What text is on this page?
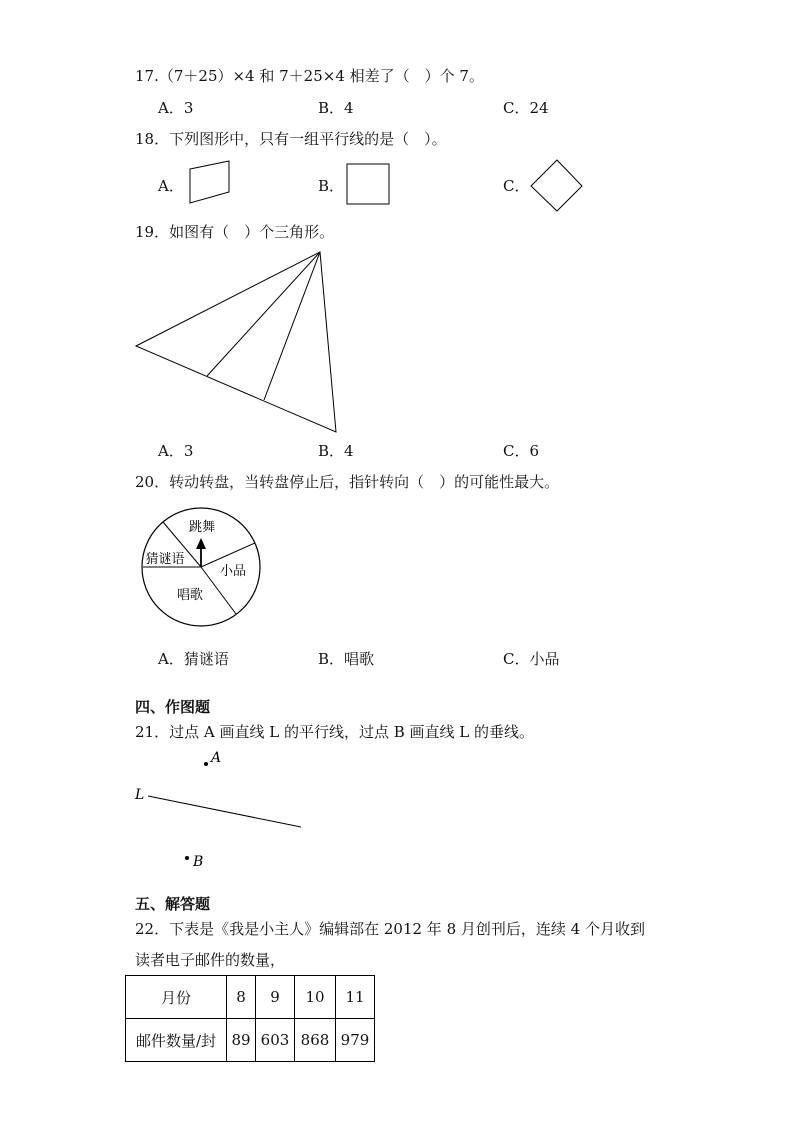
17.（7＋25）×4 和 7＋25×4 相差了（　）个 7。
A．3	B．4	C．24
18．下列图形中，只有一组平行线的是（　）。
A．	B．	C．
19．如图有（　）个三角形。
A．3	B．4	C．6
20．转动转盘，当转盘停止后，指针转向（　）的可能性最大。
跳舞
小品
唱歌
猜谜语
A．猜谜语	B．唱歌	C．小品
四、作图题
21．过点 A 画直线 L 的平行线，过点 B 画直线 L 的垂线。
A
L
B
五、解答题
22．下表是《我是小主人》编辑部在 2012 年 8 月创刊后，连续 4 个月收到
读者电子邮件的数量，
月份	8	9	10	11
邮件数量/封	89	603	868	979
